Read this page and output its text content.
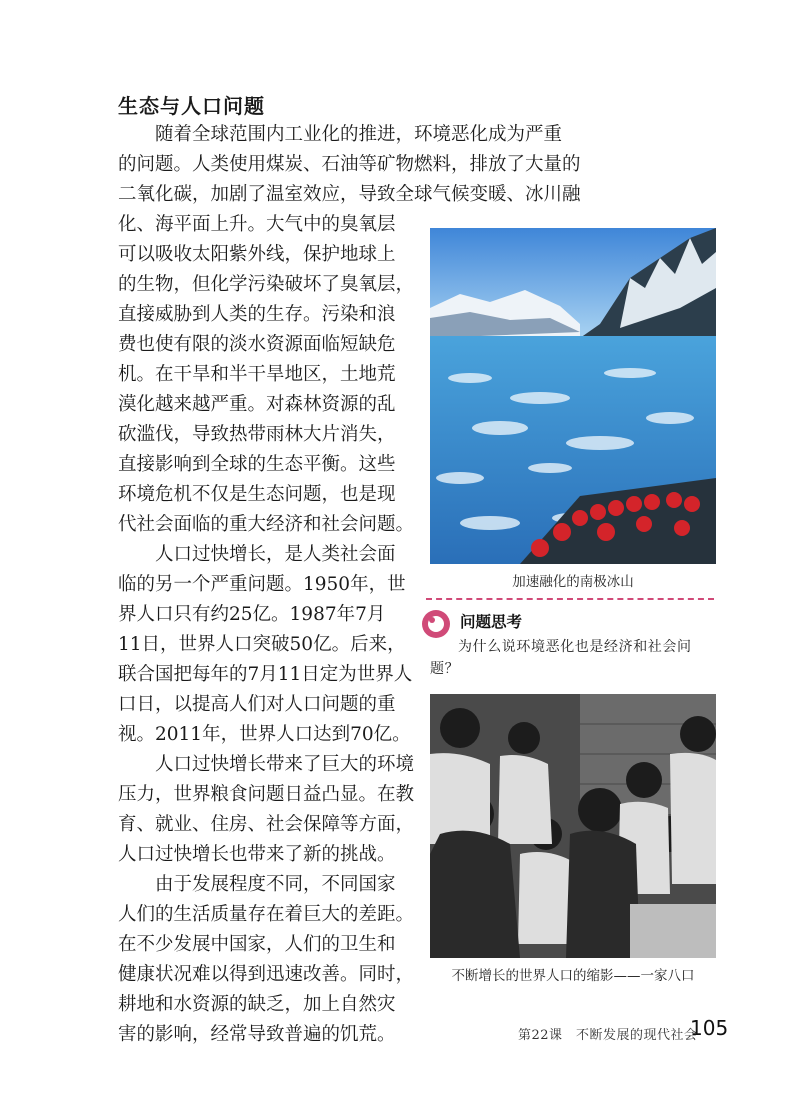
生态与人口问题
　　随着全球范围内工业化的推进，环境恶化成为严重
的问题。人类使用煤炭、石油等矿物燃料，排放了大量的
二氧化碳，加剧了温室效应，导致全球气候变暖、冰川融
化、海平面上升。大气中的臭氧层
可以吸收太阳紫外线，保护地球上
的生物，但化学污染破坏了臭氧层，
直接威胁到人类的生存。污染和浪
费也使有限的淡水资源面临短缺危
机。在干旱和半干旱地区，土地荒
漠化越来越严重。对森林资源的乱
砍滥伐，导致热带雨林大片消失，
直接影响到全球的生态平衡。这些
环境危机不仅是生态问题，也是现
代社会面临的重大经济和社会问题。
　　人口过快增长，是人类社会面
临的另一个严重问题。1950年，世
界人口只有约25亿。1987年7月
11日，世界人口突破50亿。后来，
联合国把每年的7月11日定为世界人
口日，以提高人们对人口问题的重
视。2011年，世界人口达到70亿。
　　人口过快增长带来了巨大的环境
压力，世界粮食问题日益凸显。在教
育、就业、住房、社会保障等方面，
人口过快增长也带来了新的挑战。
　　由于发展程度不同，不同国家
人们的生活质量存在着巨大的差距。
在不少发展中国家，人们的卫生和
健康状况难以得到迅速改善。同时，
耕地和水资源的缺乏，加上自然灾
害的影响，经常导致普遍的饥荒。
加速融化的南极冰山
问题思考
为什么说环境恶化也是经济和社会问题？
不断增长的世界人口的缩影——一家八口
第22课　不断发展的现代社会
105
